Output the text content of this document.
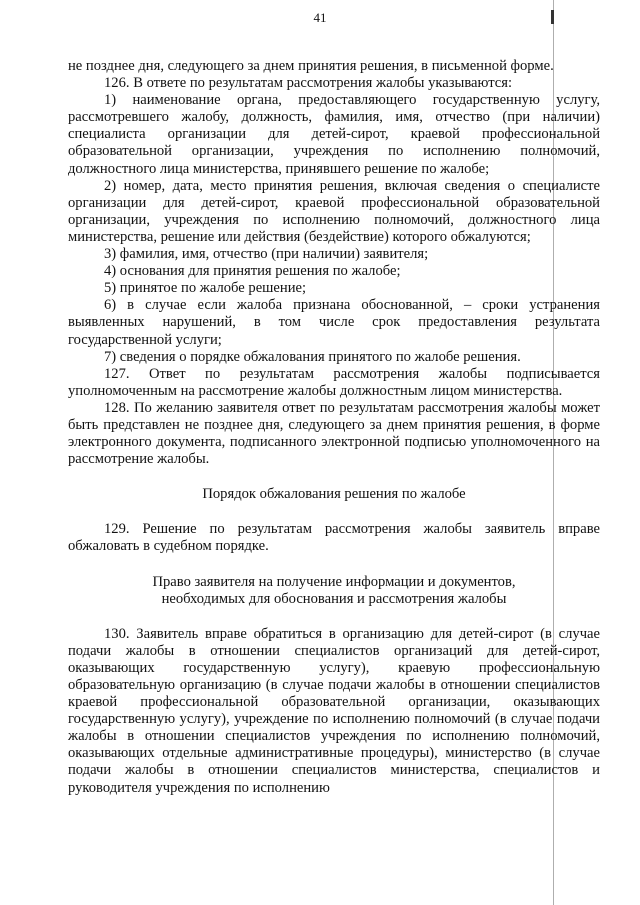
41

не позднее дня, следующего за днем принятия решения, в письменной форме.

126. В ответе по результатам рассмотрения жалобы указываются:

1) наименование органа, предоставляющего государственную услугу, рассмотревшего жалобу, должность, фамилия, имя, отчество (при наличии) специалиста организации для детей-сирот, краевой профессиональной образовательной организации, учреждения по исполнению полномочий, должностного лица министерства, принявшего решение по жалобе;

2) номер, дата, место принятия решения, включая сведения о специалисте организации для детей-сирот, краевой профессиональной образовательной организации, учреждения по исполнению полномочий, должностного лица министерства, решение или действия (бездействие) которого обжалуются;

3) фамилия, имя, отчество (при наличии) заявителя;

4) основания для принятия решения по жалобе;

5) принятое по жалобе решение;

6) в случае если жалоба признана обоснованной, – сроки устранения выявленных нарушений, в том числе срок предоставления результата государственной услуги;

7) сведения о порядке обжалования принятого по жалобе решения.

127. Ответ по результатам рассмотрения жалобы подписывается уполномоченным на рассмотрение жалобы должностным лицом министерства.

128. По желанию заявителя ответ по результатам рассмотрения жалобы может быть представлен не позднее дня, следующего за днем принятия решения, в форме электронного документа, подписанного электронной подписью уполномоченного на рассмотрение жалобы.

Порядок обжалования решения по жалобе

129. Решение по результатам рассмотрения жалобы заявитель вправе обжаловать в судебном порядке.

Право заявителя на получение информации и документов,
необходимых для обоснования и рассмотрения жалобы

130. Заявитель вправе обратиться в организацию для детей-сирот (в случае подачи жалобы в отношении специалистов организаций для детей-сирот, оказывающих государственную услугу), краевую профессиональную образовательную организацию (в случае подачи жалобы в отношении специалистов краевой профессиональной образовательной организации, оказывающих государственную услугу), учреждение по исполнению полномочий (в случае подачи жалобы в отношении специалистов учреждения по исполнению полномочий, оказывающих отдельные административные процедуры), министерство (в случае подачи жалобы в отношении специалистов министерства, специалистов и руководителя учреждения по исполнению
